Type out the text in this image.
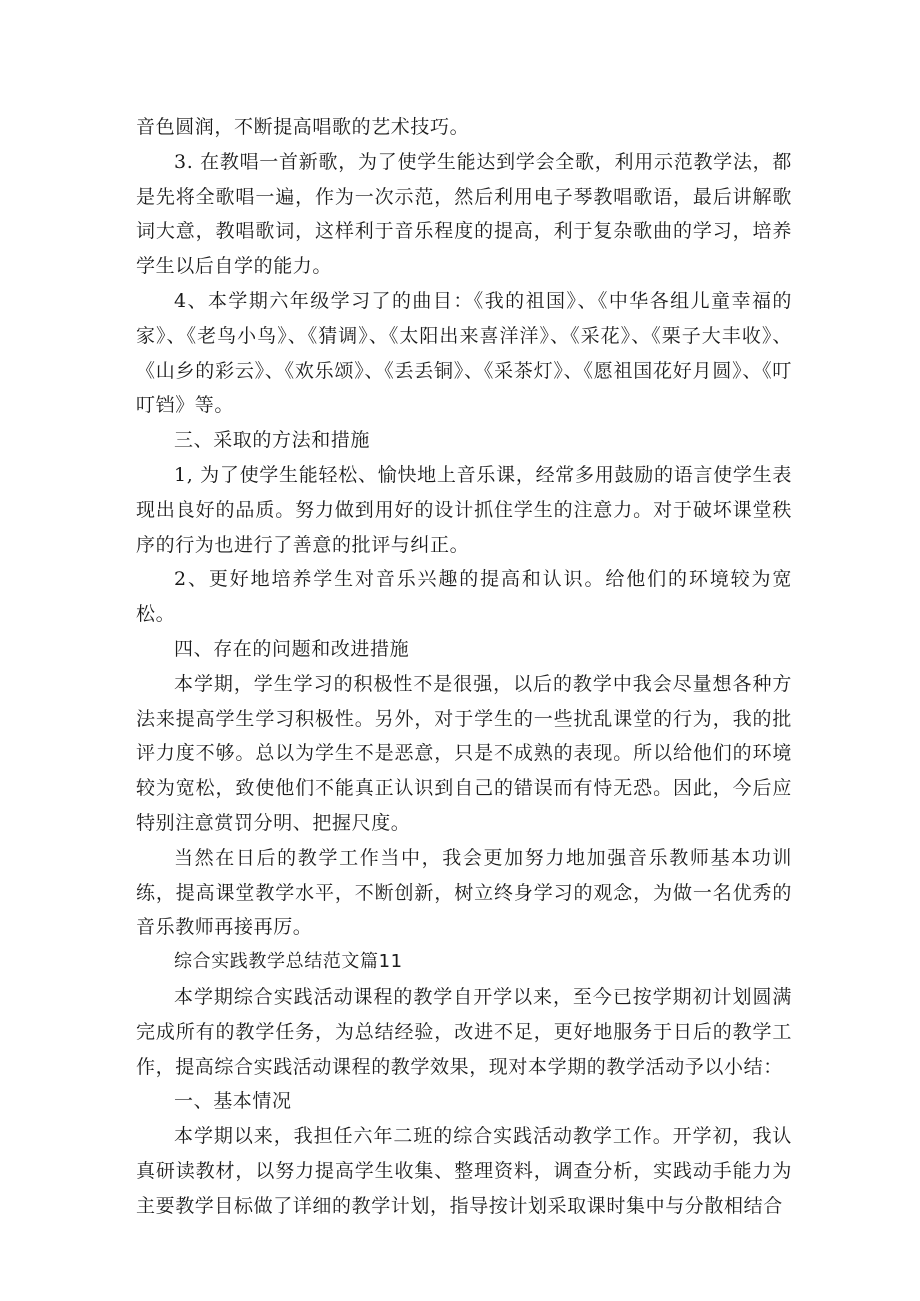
音色圆润，不断提高唱歌的艺术技巧。

3. 在教唱一首新歌，为了使学生能达到学会全歌，利用示范教学法，都是先将全歌唱一遍，作为一次示范，然后利用电子琴教唱歌语，最后讲解歌词大意，教唱歌词，这样利于音乐程度的提高，利于复杂歌曲的学习，培养学生以后自学的能力。

4、本学期六年级学习了的曲目：《我的祖国》、《中华各组儿童幸福的家》、《老鸟小鸟》、《猜调》、《太阳出来喜洋洋》、《采花》、《栗子大丰收》、《山乡的彩云》、《欢乐颂》、《丢丢铜》、《采茶灯》、《愿祖国花好月圆》、《叮叮铛》等。

三、采取的方法和措施

1, 为了使学生能轻松、愉快地上音乐课，经常多用鼓励的语言使学生表现出良好的品质。努力做到用好的设计抓住学生的注意力。对于破坏课堂秩序的行为也进行了善意的批评与纠正。

2、更好地培养学生对音乐兴趣的提高和认识。给他们的环境较为宽松。

四、存在的问题和改进措施

本学期，学生学习的积极性不是很强，以后的教学中我会尽量想各种方法来提高学生学习积极性。另外，对于学生的一些扰乱课堂的行为，我的批评力度不够。总以为学生不是恶意，只是不成熟的表现。所以给他们的环境较为宽松，致使他们不能真正认识到自己的错误而有恃无恐。因此，今后应特别注意赏罚分明、把握尺度。

当然在日后的教学工作当中，我会更加努力地加强音乐教师基本功训练，提高课堂教学水平，不断创新，树立终身学习的观念，为做一名优秀的音乐教师再接再厉。

综合实践教学总结范文篇11

本学期综合实践活动课程的教学自开学以来，至今已按学期初计划圆满完成所有的教学任务，为总结经验，改进不足，更好地服务于日后的教学工作，提高综合实践活动课程的教学效果，现对本学期的教学活动予以小结：

一、基本情况

本学期以来，我担任六年二班的综合实践活动教学工作。开学初，我认真研读教材，以努力提高学生收集、整理资料，调查分析，实践动手能力为主要教学目标做了详细的教学计划，指导按计划采取课时集中与分散相结合
